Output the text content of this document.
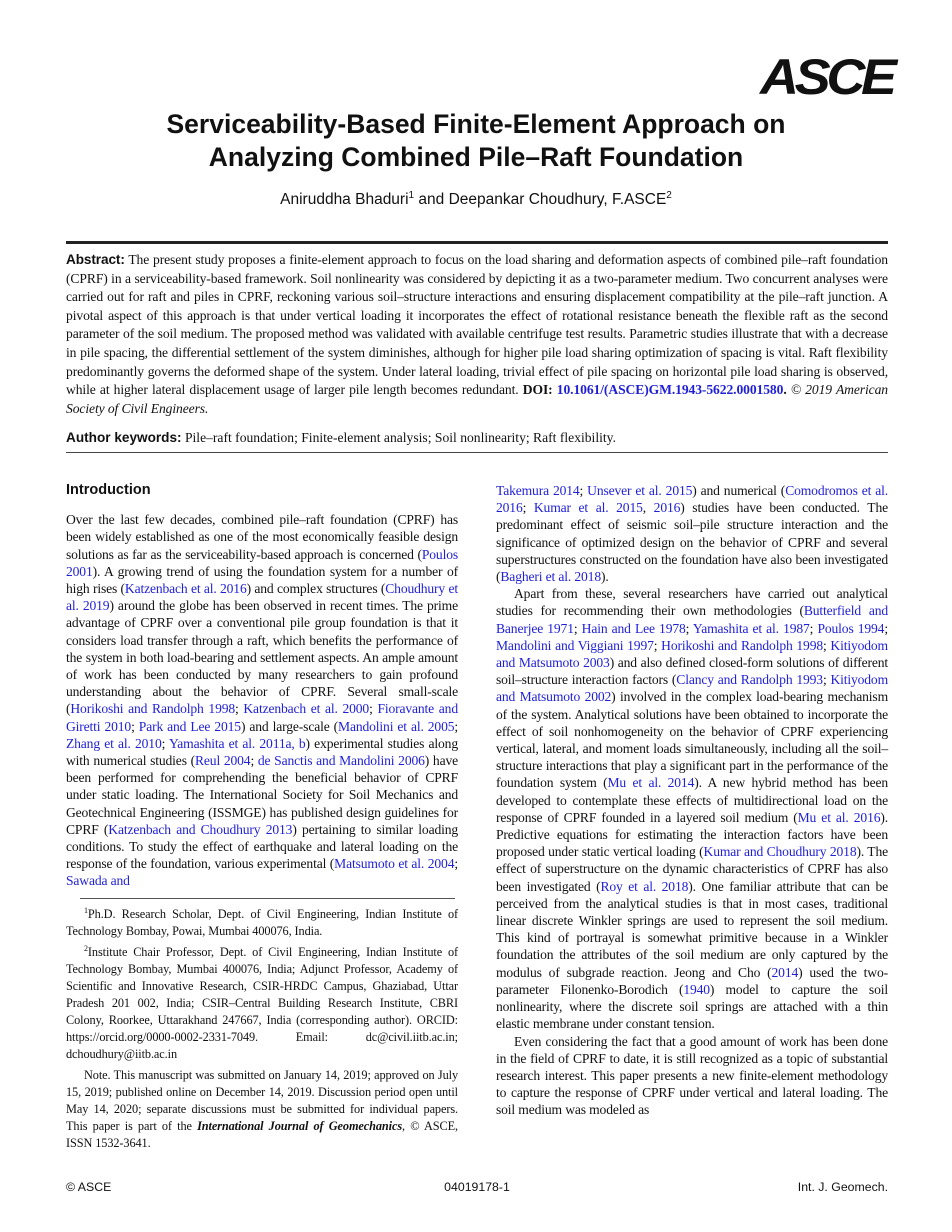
ASCE
Serviceability-Based Finite-Element Approach on
Analyzing Combined Pile–Raft Foundation
Aniruddha Bhaduri$^1$ and Deepankar Choudhury, F.ASCE$^2$
Abstract: The present study proposes a finite-element approach to focus on the load sharing and deformation aspects of combined pile–raft foundation (CPRF) in a serviceability-based framework. Soil nonlinearity was considered by depicting it as a two-parameter medium. Two concurrent analyses were carried out for raft and piles in CPRF, reckoning various soil–structure interactions and ensuring displacement compatibility at the pile–raft junction. A pivotal aspect of this approach is that under vertical loading it incorporates the effect of rotational resistance beneath the flexible raft as the second parameter of the soil medium. The proposed method was validated with available centrifuge test results. Parametric studies illustrate that with a decrease in pile spacing, the differential settlement of the system diminishes, although for higher pile load sharing optimization of spacing is vital. Raft flexibility predominantly governs the deformed shape of the system. Under lateral loading, trivial effect of pile spacing on horizontal pile load sharing is observed, while at higher lateral displacement usage of larger pile length becomes redundant. DOI: 10.1061/(ASCE)GM.1943-5622.0001580. © 2019 American Society of Civil Engineers.
Author keywords: Pile–raft foundation; Finite-element analysis; Soil nonlinearity; Raft flexibility.
Introduction

Over the last few decades, combined pile–raft foundation (CPRF) has been widely established as one of the most economically feasible design solutions as far as the serviceability-based approach is concerned (Poulos 2001). A growing trend of using the foundation system for a number of high rises (Katzenbach et al. 2016) and complex structures (Choudhury et al. 2019) around the globe has been observed in recent times. The prime advantage of CPRF over a conventional pile group foundation is that it considers load transfer through a raft, which benefits the performance of the system in both load-bearing and settlement aspects. An ample amount of work has been conducted by many researchers to gain profound understanding about the behavior of CPRF. Several small-scale (Horikoshi and Randolph 1998; Katzenbach et al. 2000; Fioravante and Giretti 2010; Park and Lee 2015) and large-scale (Mandolini et al. 2005; Zhang et al. 2010; Yamashita et al. 2011a, b) experimental studies along with numerical studies (Reul 2004; de Sanctis and Mandolini 2006) have been performed for comprehending the beneficial behavior of CPRF under static loading. The International Society for Soil Mechanics and Geotechnical Engineering (ISSMGE) has published design guidelines for CPRF (Katzenbach and Choudhury 2013) pertaining to similar loading conditions. To study the effect of earthquake and lateral loading on the response of the foundation, various experimental (Matsumoto et al. 2004; Sawada and

$^1$Ph.D. Research Scholar, Dept. of Civil Engineering, Indian Institute of Technology Bombay, Powai, Mumbai 400076, India.

$^2$Institute Chair Professor, Dept. of Civil Engineering, Indian Institute of Technology Bombay, Mumbai 400076, India; Adjunct Professor, Academy of Scientific and Innovative Research, CSIR-HRDC Campus, Ghaziabad, Uttar Pradesh 201 002, India; CSIR–Central Building Research Institute, CBRI Colony, Roorkee, Uttarakhand 247667, India (corresponding author). ORCID: https://orcid.org/0000-0002-2331-7049. Email: dc@civil.iitb.ac.in; dchoudhury@iitb.ac.in

Note. This manuscript was submitted on January 14, 2019; approved on July 15, 2019; published online on December 14, 2019. Discussion period open until May 14, 2020; separate discussions must be submitted for individual papers. This paper is part of the International Journal of Geomechanics, © ASCE, ISSN 1532-3641.

Takemura 2014; Unsever et al. 2015) and numerical (Comodromos et al. 2016; Kumar et al. 2015, 2016) studies have been conducted. The predominant effect of seismic soil–pile structure interaction and the significance of optimized design on the behavior of CPRF and several superstructures constructed on the foundation have also been investigated (Bagheri et al. 2018).

Apart from these, several researchers have carried out analytical studies for recommending their own methodologies (Butterfield and Banerjee 1971; Hain and Lee 1978; Yamashita et al. 1987; Poulos 1994; Mandolini and Viggiani 1997; Horikoshi and Randolph 1998; Kitiyodom and Matsumoto 2003) and also defined closed-form solutions of different soil–structure interaction factors (Clancy and Randolph 1993; Kitiyodom and Matsumoto 2002) involved in the complex load-bearing mechanism of the system. Analytical solutions have been obtained to incorporate the effect of soil nonhomogeneity on the behavior of CPRF experiencing vertical, lateral, and moment loads simultaneously, including all the soil–structure interactions that play a significant part in the performance of the foundation system (Mu et al. 2014). A new hybrid method has been developed to contemplate these effects of multidirectional load on the response of CPRF founded in a layered soil medium (Mu et al. 2016). Predictive equations for estimating the interaction factors have been proposed under static vertical loading (Kumar and Choudhury 2018). The effect of superstructure on the dynamic characteristics of CPRF has also been investigated (Roy et al. 2018). One familiar attribute that can be perceived from the analytical studies is that in most cases, traditional linear discrete Winkler springs are used to represent the soil medium. This kind of portrayal is somewhat primitive because in a Winkler foundation the attributes of the soil medium are only captured by the modulus of subgrade reaction. Jeong and Cho (2014) used the two-parameter Filonenko-Borodich (1940) model to capture the soil nonlinearity, where the discrete soil springs are attached with a thin elastic membrane under constant tension.

Even considering the fact that a good amount of work has been done in the field of CPRF to date, it is still recognized as a topic of substantial research interest. This paper presents a new finite-element methodology to capture the response of CPRF under vertical and lateral loading. The soil medium was modeled as

© ASCE	04019178-1	Int. J. Geomech.
